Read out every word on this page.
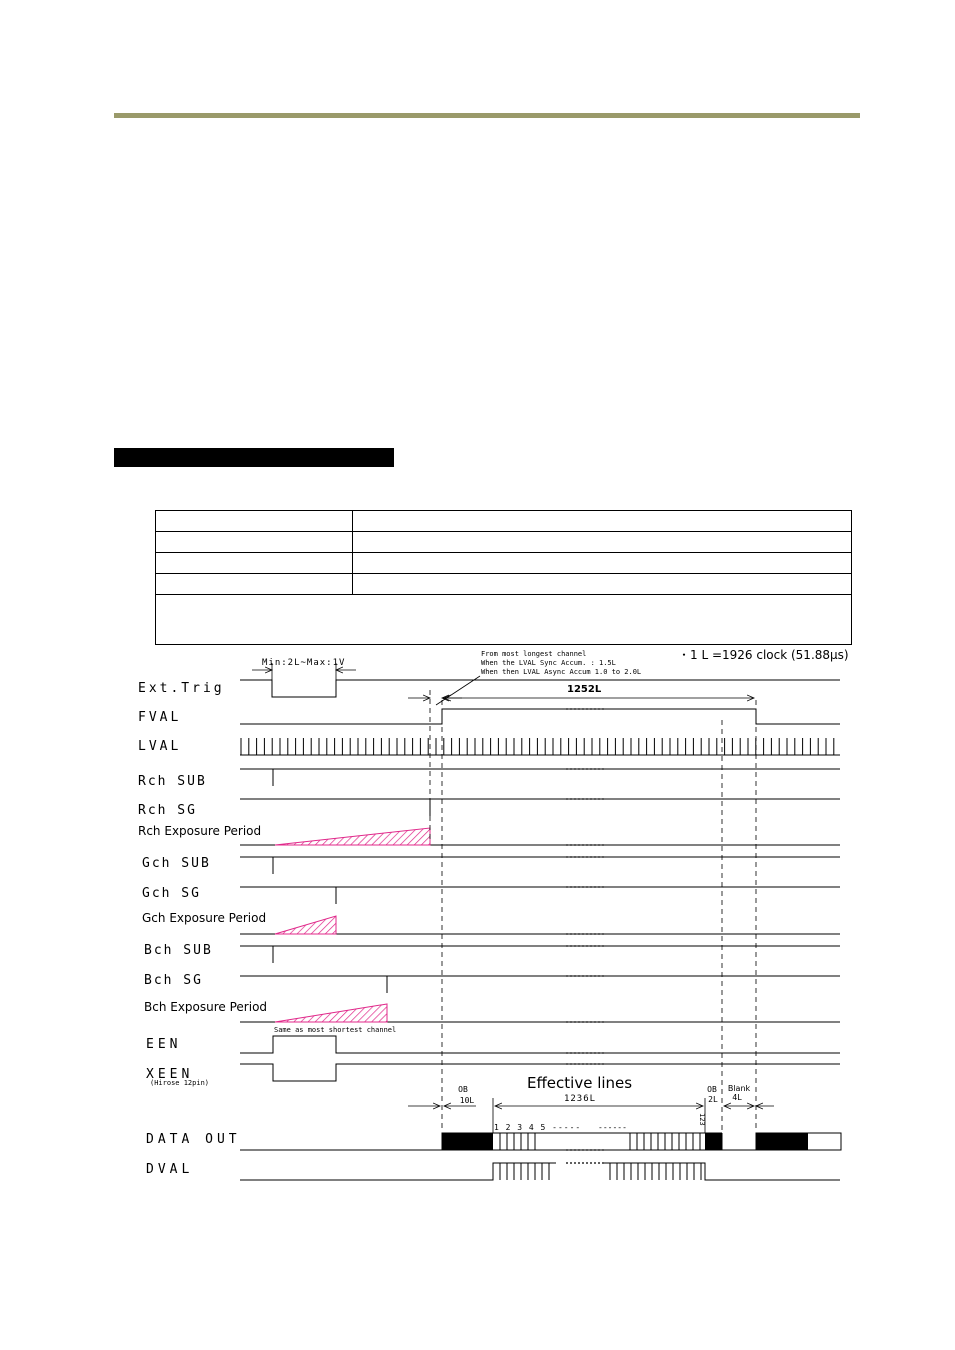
Ext.Trig
FVAL
LVAL
Rch SUB
Rch SG
Rch Exposure Period
Gch SUB
Gch SG
Gch Exposure Period
Bch SUB
Bch SG
Bch Exposure Period
EEN
XEEN
(Hirose 12pin)
DATA OUT
DVAL
・1 L =1926 clock (51.88μs)
Min:2L~Max:1V
From most longest channel
When the LVAL Sync Accum. : 1.5L
When then LVAL Async Accum 1.0 to 2.0L
1252L
Same as most shortest channel
Effective lines
OB
10L	1236L
OB
2L
Blank
4L
1 2 3 4 5 ----- ------
123
